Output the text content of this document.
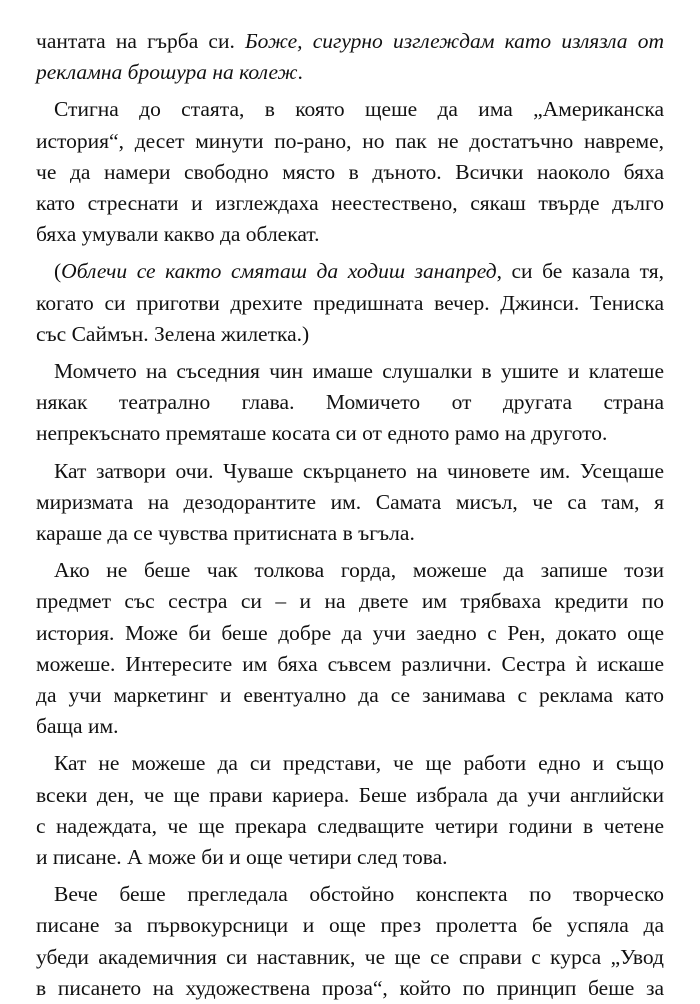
чантата на гърба си. Боже, сигурно изглеждам като излязла от
рекламна брошура на колеж.
Стигна до стаята, в която щеше да има „Американска
история“, десет минути по-рано, но пак не достатъчно навреме,
че да намери свободно място в дъното. Всички наоколо бяха
като стреснати и изглеждаха неестествено, сякаш твърде дълго
бяха умували какво да облекат.
(Облечи се както смяташ да ходиш занапред, си бе казала тя,
когато си приготви дрехите предишната вечер. Джинси. Тениска
със Саймън. Зелена жилетка.)
Момчето на съседния чин имаше слушалки в ушите и клатеше
някак театрално глава. Момичето от другата страна
непрекъснато премяташе косата си от едното рамо на другото.
Кат затвори очи. Чуваше скърцането на чиновете им. Усещаше
миризмата на дезодорантите им. Самата мисъл, че са там, я
караше да се чувства притисната в ъгъла.
Ако не беше чак толкова горда, можеше да запише този
предмет със сестра си – и на двете им трябваха кредити по
история. Може би беше добре да учи заедно с Рен, докато още
можеше. Интересите им бяха съвсем различни. Сестра ѝ искаше
да учи маркетинг и евентуално да се занимава с реклама като
баща им.
Кат не можеше да си представи, че ще работи едно и също
всеки ден, че ще прави кариера. Беше избрала да учи английски
с надеждата, че ще прекара следващите четири години в четене
и писане. А може би и още четири след това.
Вече беше прегледала обстойно конспекта по творческо
писане за първокурсници и още през пролетта бе успяла да
убеди академичния си наставник, че ще се справи с курса „Увод
в писането на художествена проза“, който по принцип беше за
